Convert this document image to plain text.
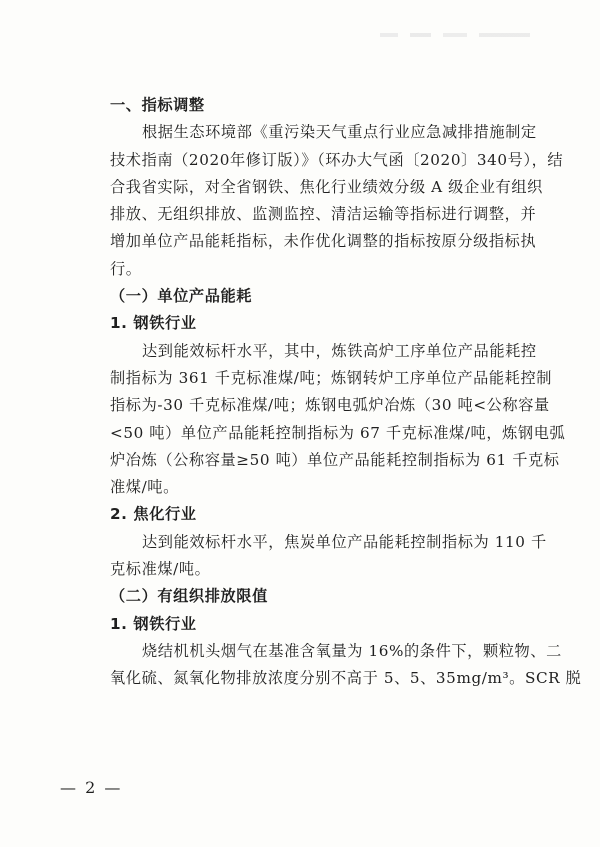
一、指标调整
根据生态环境部《重污染天气重点行业应急减排措施制定
技术指南（2020年修订版）》（环办大气函〔2020〕340号），结
合我省实际，对全省钢铁、焦化行业绩效分级 A 级企业有组织
排放、无组织排放、监测监控、清洁运输等指标进行调整，并
增加单位产品能耗指标，未作优化调整的指标按原分级指标执
行。
（一）单位产品能耗
1. 钢铁行业
达到能效标杆水平，其中，炼铁高炉工序单位产品能耗控
制指标为 361 千克标准煤/吨；炼钢转炉工序单位产品能耗控制
指标为-30 千克标准煤/吨；炼钢电弧炉冶炼（30 吨<公称容量
<50 吨）单位产品能耗控制指标为 67 千克标准煤/吨，炼钢电弧
炉冶炼（公称容量≥50 吨）单位产品能耗控制指标为 61 千克标
准煤/吨。
2. 焦化行业
达到能效标杆水平，焦炭单位产品能耗控制指标为 110 千
克标准煤/吨。
（二）有组织排放限值
1. 钢铁行业
烧结机机头烟气在基准含氧量为 16%的条件下，颗粒物、二
氧化硫、氮氧化物排放浓度分别不高于 5、5、35mg/m³。SCR 脱
— 2 —
